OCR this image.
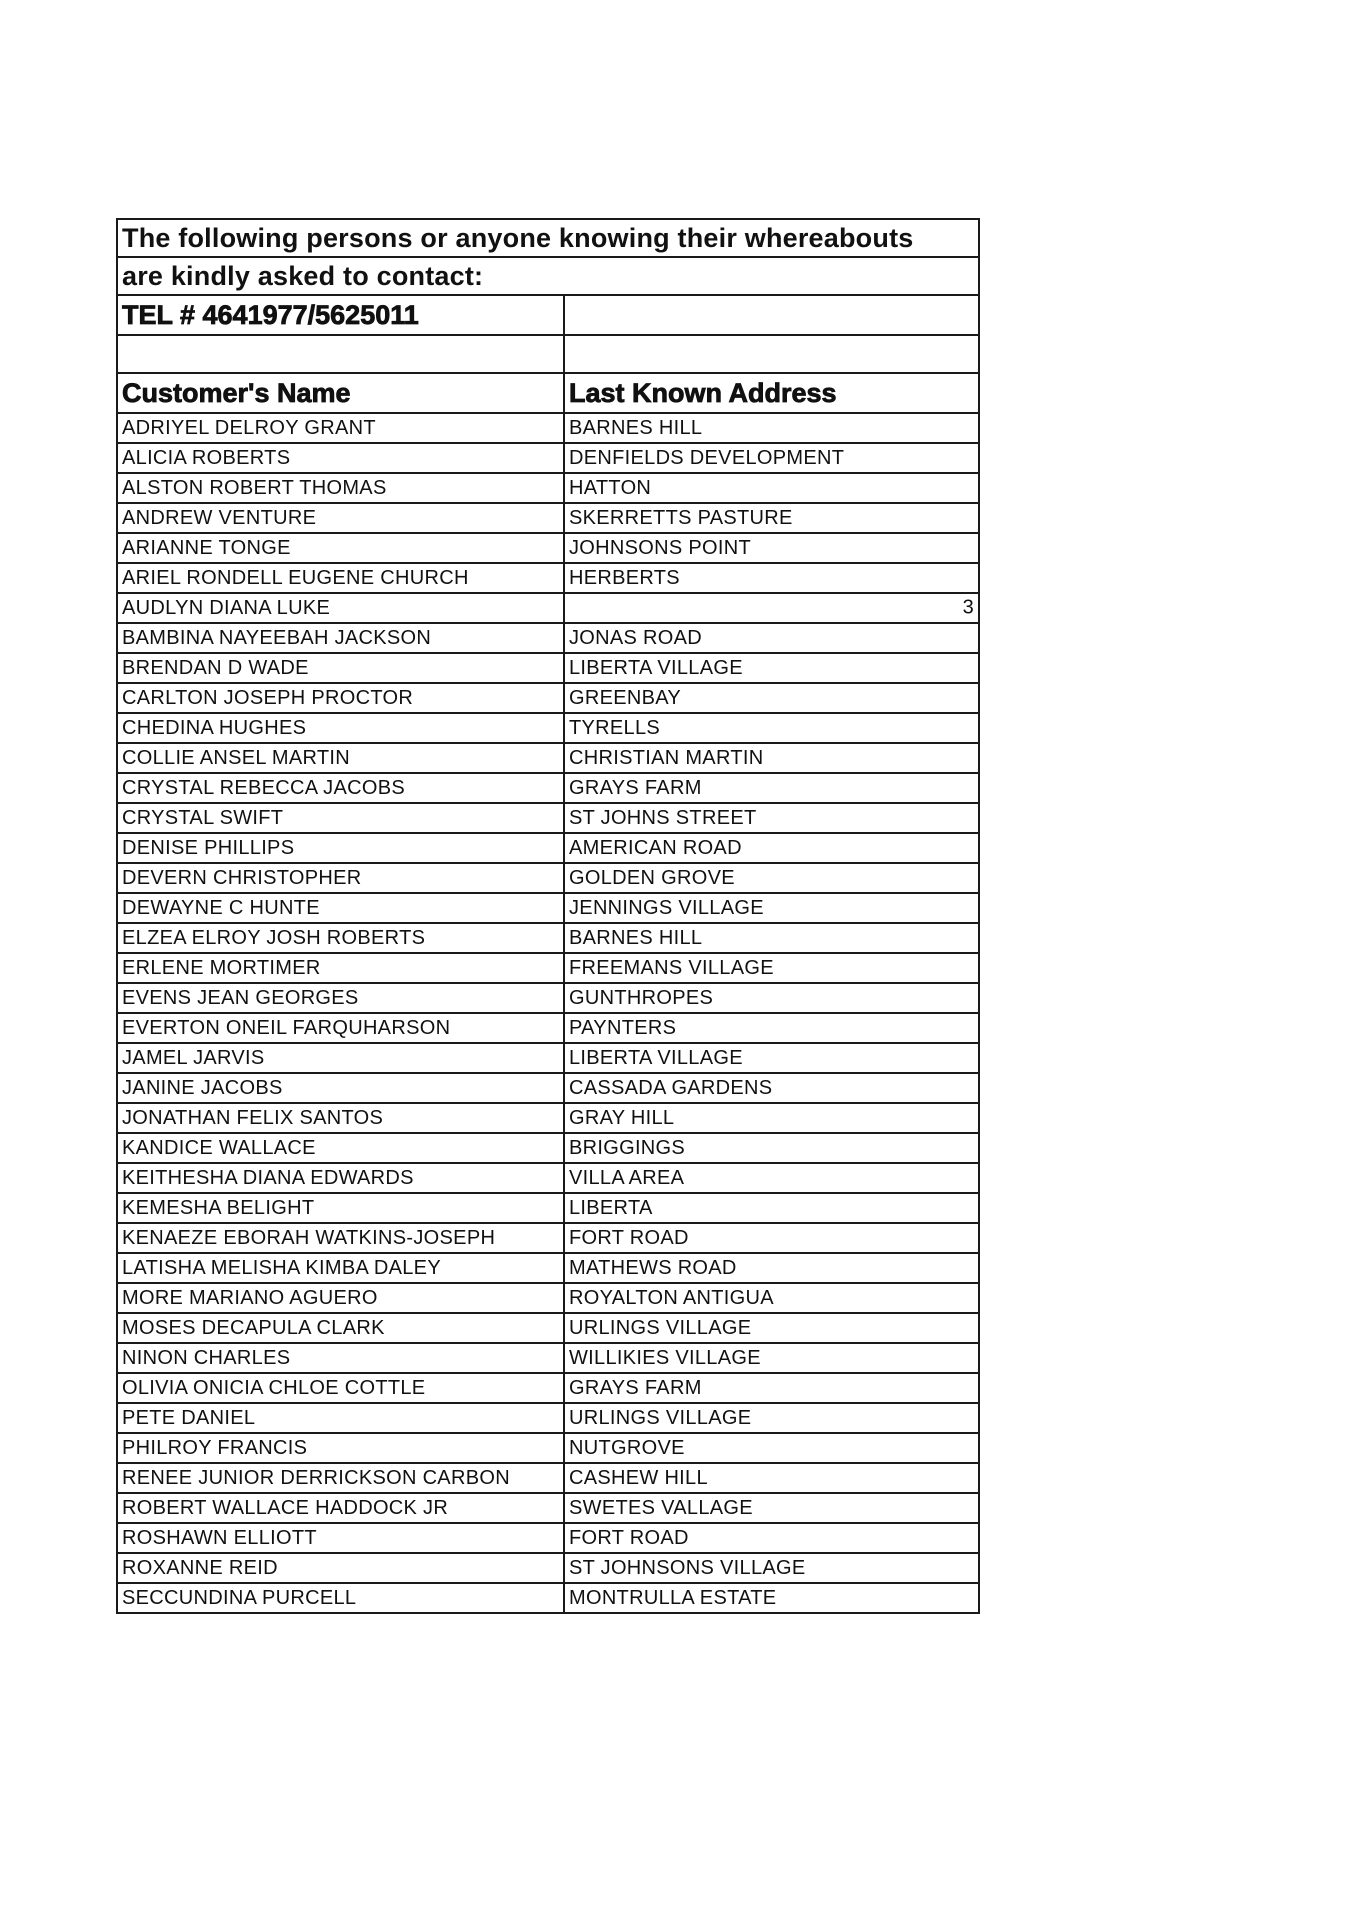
The following persons or anyone knowing their whereabouts	
are kindly asked to contact:	
TEL # 4641977/5625011	

Customer's Name	Last Known Address
ADRIYEL DELROY GRANT	BARNES HILL
ALICIA ROBERTS	DENFIELDS DEVELOPMENT
ALSTON ROBERT THOMAS	HATTON
ANDREW VENTURE	SKERRETTS PASTURE
ARIANNE TONGE	JOHNSONS POINT
ARIEL RONDELL EUGENE CHURCH	HERBERTS
AUDLYN DIANA LUKE	3

BAMBINA NAYEEBAH JACKSON	JONAS ROAD
BRENDAN D WADE	LIBERTA VILLAGE
CARLTON JOSEPH PROCTOR	GREENBAY
CHEDINA HUGHES	TYRELLS
COLLIE ANSEL MARTIN	CHRISTIAN MARTIN
CRYSTAL REBECCA JACOBS	GRAYS FARM
CRYSTAL SWIFT	ST JOHNS STREET
DENISE PHILLIPS	AMERICAN ROAD
DEVERN CHRISTOPHER	GOLDEN GROVE
DEWAYNE C HUNTE	JENNINGS VILLAGE
ELZEA ELROY JOSH ROBERTS	BARNES HILL
ERLENE MORTIMER	FREEMANS VILLAGE
EVENS JEAN GEORGES	GUNTHROPES
EVERTON ONEIL FARQUHARSON	PAYNTERS
JAMEL JARVIS	LIBERTA VILLAGE
JANINE JACOBS	CASSADA GARDENS
JONATHAN FELIX SANTOS	GRAY HILL
KANDICE WALLACE	BRIGGINGS
KEITHESHA DIANA EDWARDS	VILLA AREA
KEMESHA BELIGHT	LIBERTA
KENAEZE EBORAH WATKINS-JOSEPH	FORT ROAD
LATISHA MELISHA KIMBA DALEY	MATHEWS ROAD
MORE MARIANO AGUERO	ROYALTON ANTIGUA
MOSES DECAPULA CLARK	URLINGS VILLAGE
NINON CHARLES	WILLIKIES VILLAGE
OLIVIA ONICIA CHLOE COTTLE	GRAYS FARM
PETE DANIEL	URLINGS VILLAGE
PHILROY FRANCIS	NUTGROVE
RENEE JUNIOR DERRICKSON CARBON	CASHEW HILL
ROBERT WALLACE HADDOCK JR	SWETES VALLAGE
ROSHAWN ELLIOTT	FORT ROAD
ROXANNE REID	ST JOHNSONS VILLAGE
SECCUNDINA PURCELL	MONTRULLA ESTATE
